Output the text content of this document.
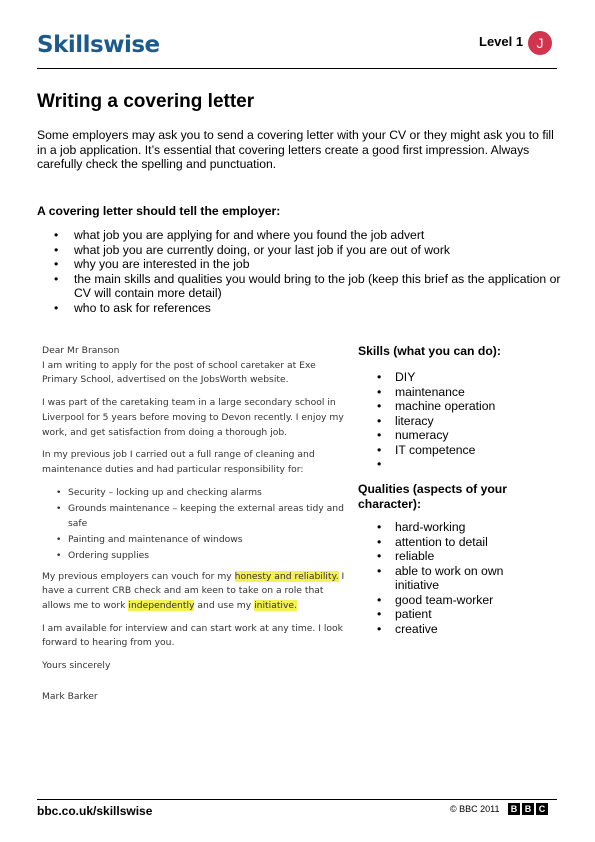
Skillswise	Level 1 J
Writing a covering letter
Some employers may ask you to send a covering letter with your CV or they might ask you to fill in a job application. It’s essential that covering letters create a good first impression. Always carefully check the spelling and punctuation.
A covering letter should tell the employer:
• what job you are applying for and where you found the job advert
• what job you are currently doing, or your last job if you are out of work
• why you are interested in the job
• the main skills and qualities you would bring to the job (keep this brief as the application or CV will contain more detail)
• who to ask for references

Dear Mr Branson

I am writing to apply for the post of school caretaker at Exe Primary School, advertised on the JobsWorth website.

I was part of the caretaking team in a large secondary school in Liverpool for 5 years before moving to Devon recently. I enjoy my work, and get satisfaction from doing a thorough job.

In my previous job I carried out a full range of cleaning and maintenance duties and had particular responsibility for:

• Security – locking up and checking alarms
• Grounds maintenance – keeping the external areas tidy and safe
• Painting and maintenance of windows
• Ordering supplies

My previous employers can vouch for my honesty and reliability. I have a current CRB check and am keen to take on a role that allows me to work independently and use my initiative.

I am available for interview and can start work at any time. I look forward to hearing from you.

Yours sincerely

Mark Barker

Skills (what you can do):
• DIY
• maintenance
• machine operation
• literacy
• numeracy
• IT competence
•
Qualities (aspects of your character):
• hard-working
• attention to detail
• reliable
• able to work on own initiative
• good team-worker
• patient
• creative
bbc.co.uk/skillswise	© BBC 2011	B B C
